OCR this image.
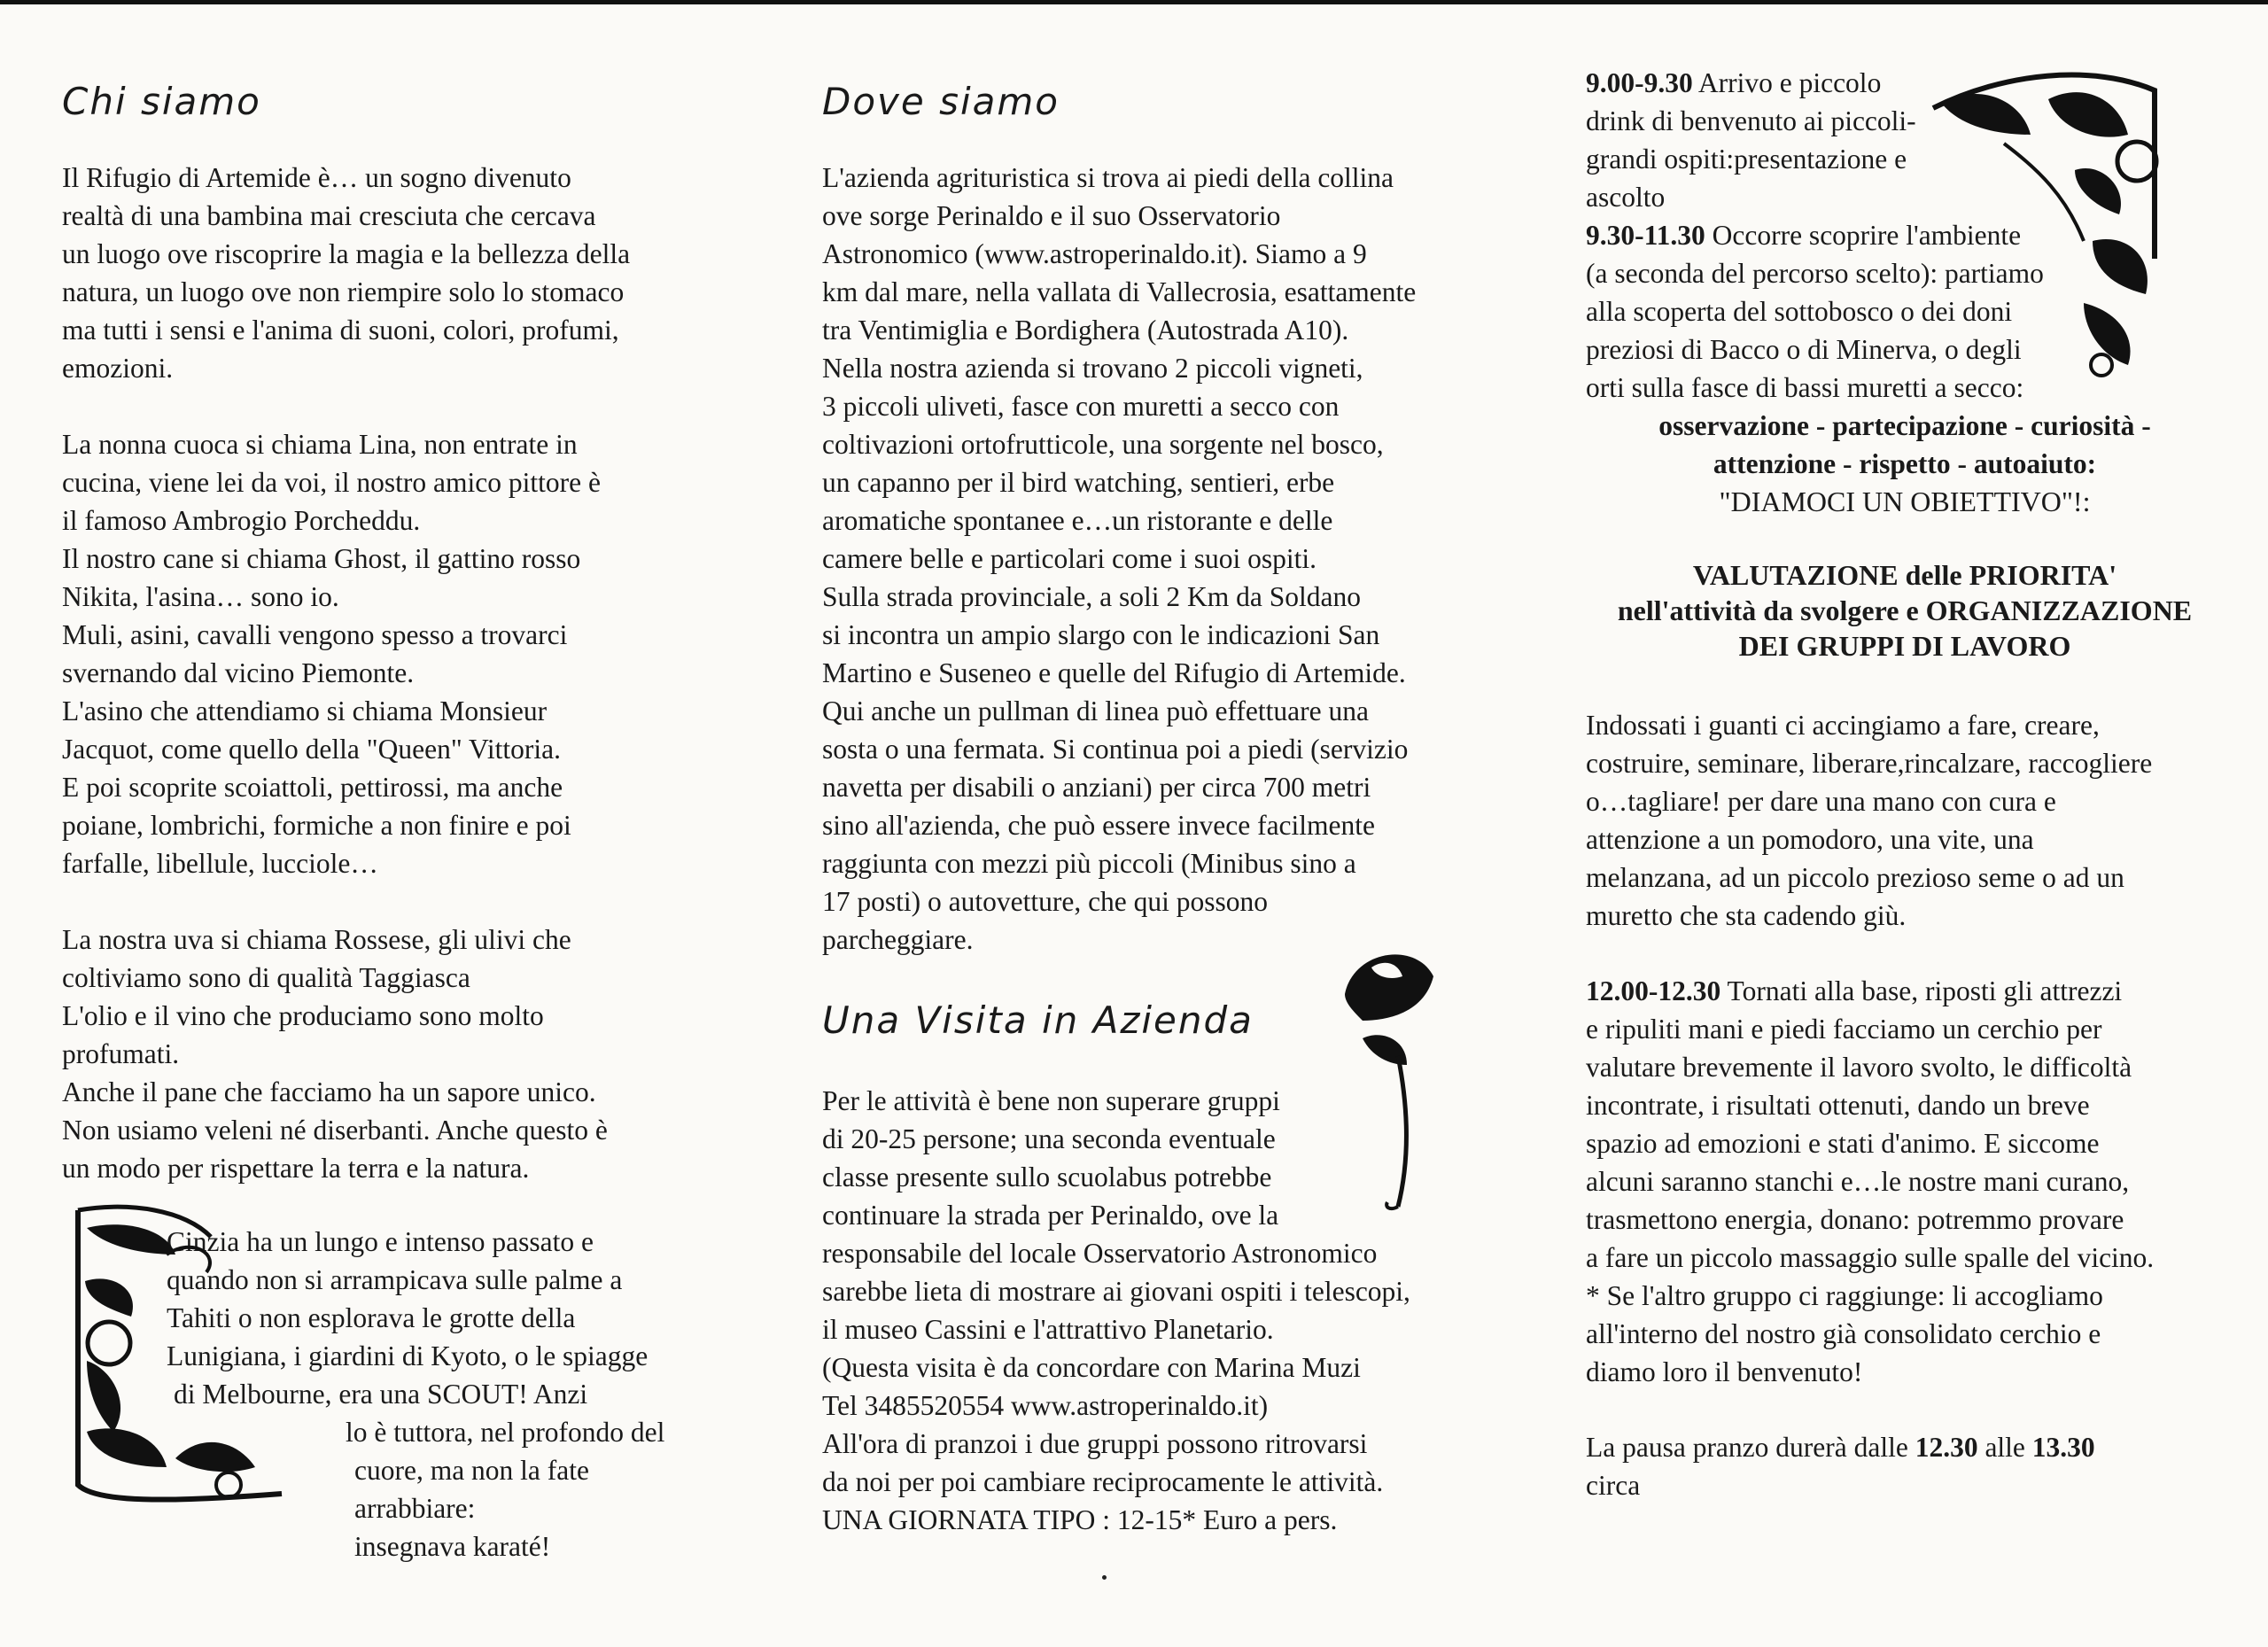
Chi siamo
Il Rifugio di Artemide è… un sogno divenuto
realtà di una bambina mai cresciuta che cercava
un luogo ove riscoprire la magia e la bellezza della
natura, un luogo ove non riempire solo lo stomaco
ma tutti i sensi e l'anima di suoni, colori, profumi,
emozioni.
La nonna cuoca si chiama Lina, non entrate in
cucina, viene lei da voi, il nostro amico pittore è
il famoso Ambrogio Porcheddu.
Il nostro cane si chiama Ghost, il gattino rosso
Nikita, l'asina… sono io.
Muli, asini, cavalli vengono spesso a trovarci
svernando dal vicino Piemonte.
L'asino che attendiamo si chiama Monsieur
Jacquot, come quello della "Queen" Vittoria.
E poi scoprite scoiattoli, pettirossi, ma anche
poiane, lombrichi, formiche a non finire e poi
farfalle, libellule, lucciole…
La nostra uva si chiama Rossese, gli ulivi che
coltiviamo sono di qualità Taggiasca
L'olio e il vino che produciamo sono molto
profumati.
Anche il pane che facciamo ha un sapore unico.
Non usiamo veleni né diserbanti. Anche questo è
un modo per rispettare la terra e la natura.
Cinzia ha un lungo e intenso passato e
quando non si arrampicava sulle palme a
Tahiti o non esplorava le grotte della
Lunigiana, i giardini di Kyoto, o le spiagge
di Melbourne, era una SCOUT! Anzi
lo è tuttora, nel profondo del
cuore, ma non la fate arrabbiare:
insegnava karaté!
Dove siamo
L'azienda agrituristica si trova ai piedi della collina
ove sorge Perinaldo e il suo Osservatorio
Astronomico (www.astroperinaldo.it). Siamo a 9
km dal mare, nella vallata di Vallecrosia, esattamente
tra Ventimiglia e Bordighera (Autostrada A10).
Nella nostra azienda si trovano 2 piccoli vigneti,
3 piccoli uliveti, fasce con muretti a secco con
coltivazioni ortofrutticole, una sorgente nel bosco,
un capanno per il bird watching, sentieri, erbe
aromatiche spontanee e…un ristorante e delle
camere belle e particolari come i suoi ospiti.
Sulla strada provinciale, a soli 2 Km da Soldano
si incontra un ampio slargo con le indicazioni San
Martino e Suseneo e quelle del Rifugio di Artemide.
Qui anche un pullman di linea può effettuare una
sosta o una fermata. Si continua poi a piedi (servizio
navetta per disabili o anziani) per circa 700 metri
sino all'azienda, che può essere invece facilmente
raggiunta con mezzi più piccoli (Minibus sino a
17 posti) o autovetture, che qui possono
parcheggiare.
Una Visita in Azienda
Per le attività è bene non superare gruppi
di 20-25 persone; una seconda eventuale
classe presente sullo scuolabus potrebbe
continuare la strada per Perinaldo, ove la
responsabile del locale Osservatorio Astronomico
sarebbe lieta di mostrare ai giovani ospiti i telescopi,
il museo Cassini e l'attrattivo Planetario.
(Questa visita è da concordare con Marina Muzi
Tel 3485520554 www.astroperinaldo.it)
All'ora di pranzoi i due gruppi possono ritrovarsi
da noi per poi cambiare reciprocamente le attività.
UNA GIORNATA TIPO : 12-15* Euro a pers.

9.00-9.30 Arrivo e piccolo
drink di benvenuto ai piccoli-
grandi ospiti:presentazione e
ascolto

9.30-11.30 Occorre scoprire l'ambiente
(a seconda del percorso scelto): partiamo
alla scoperta del sottobosco o dei doni
preziosi di Bacco o di Minerva, o degli
orti sulla fasce di bassi muretti a secco:

osservazione - partecipazione - curiosità -
attenzione - rispetto - autoaiuto:

"DIAMOCI UN OBIETTIVO"!:

VALUTAZIONE delle PRIORITA'
nell'attività da svolgere e ORGANIZZAZIONE
DEI GRUPPI DI LAVORO
Indossati i guanti ci accingiamo a fare, creare,
costruire, seminare, liberare,rincalzare, raccogliere
o…tagliare! per dare una mano con cura e
attenzione a un pomodoro, una vite, una
melanzana, ad un piccolo prezioso seme o ad un
muretto che sta cadendo giù.

12.00-12.30 Tornati alla base, riposti gli attrezzi
e ripuliti mani e piedi facciamo un cerchio per
valutare brevemente il lavoro svolto, le difficoltà
incontrate, i risultati ottenuti, dando un breve
spazio ad emozioni e stati d'animo. E siccome
alcuni saranno stanchi e…le nostre mani curano,
trasmettono energia, donano: potremmo provare
a fare un piccolo massaggio sulle spalle del vicino.
* Se l'altro gruppo ci raggiunge: li accogliamo
all'interno del nostro già consolidato cerchio e
diamo loro il benvenuto!

La pausa pranzo durerà dalle 12.30 alle 13.30
circa
